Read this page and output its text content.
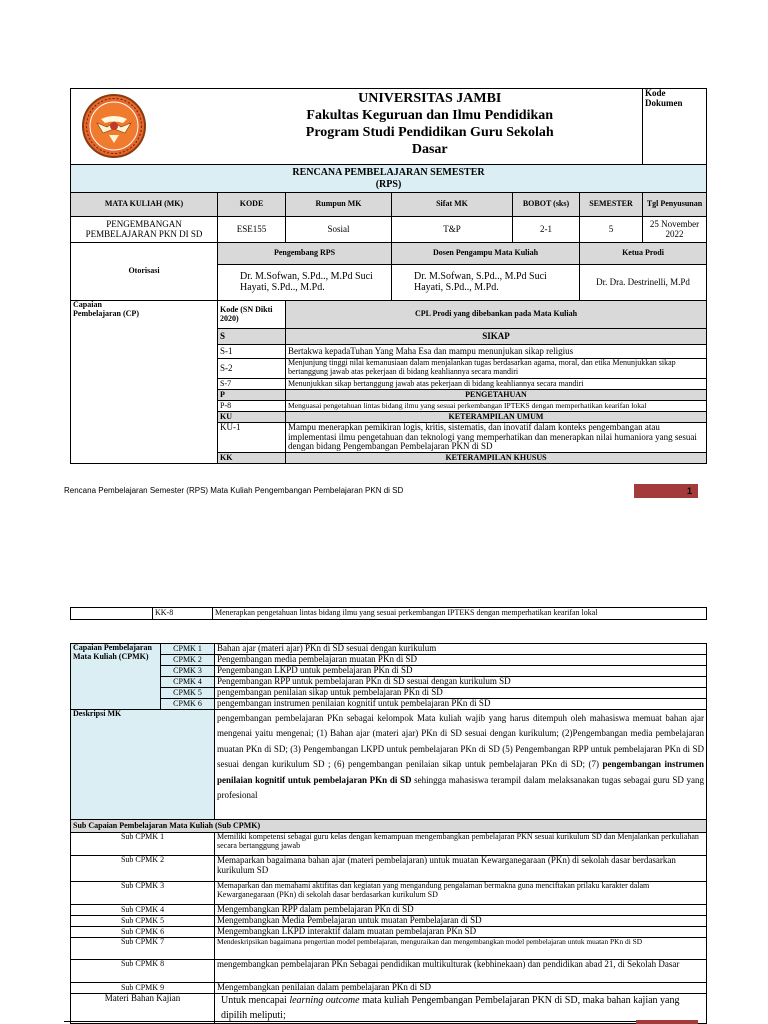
UNIVERSITAS JAMBI
Fakultas Keguruan dan Ilmu Pendidikan
Program Studi Pendidikan Guru Sekolah
Dasar					Kode Dokumen

RENCANA PEMBELAJARAN SEMESTER
(RPS)						

MATA KULIAH (MK)	KODE	Rumpun MK	Sifat MK	BOBOT (sks)	SEMESTER	Tgl Penyusunan
PENGEMBANGAN PEMBELAJARAN PKN DI SD	ESE155	Sosial	T&P	2-1	5	25 November 2022
Otorisasi	Pengembang RPS		Dosen Pengampu Mata Kuliah		Ketua Prodi	
	Dr. M.Sofwan, S.Pd.., M.Pd Suci Hayati, S.Pd.., M.Pd.		Dr. M.Sofwan, S.Pd.., M.Pd Suci Hayati, S.Pd.., M.Pd.		Dr. Dra. Destrinelli, M.Pd	

Capaian Pembelajaran (CP)	Kode (SN Dikti 2020)	CPL Prodi yang dibebankan pada Mata Kuliah				
	S	SIKAP				
	S-1	Bertakwa kepadaTuhan Yang Maha Esa dan mampu menunjukan sikap religius				
	S-2	Menjunjung tinggi nilai kemanusiaan dalam menjalankan tugas berdasarkan agama, moral, dan etika Menunjukkan sikap bertanggung jawab atas pekerjaan di bidang keahliannya secara mandiri				
	S-7	Menunjukkan sikap bertanggung jawab atas pekerjaan di bidang keahliannya secara mandiri				
	P	PENGETAHUAN				
	P-8	Menguasai pengetahuan lintas bidang ilmu yang sesuai perkembangan IPTEKS dengan memperhatikan kearifan lokal				
	KU	KETERAMPILAN UMUM				
	KU-1	Mampu menerapkan pemikiran logis, kritis, sistematis, dan inovatif dalam konteks pengembangan atau implementasi ilmu pengetahuan dan teknologi yang memperhatikan dan menerapkan nilai humaniora yang sesuai dengan bidang Pengembangan Pembelajaran PKN di SD				
	KK	KETERAMPILAN KHUSUS				
Rencana Pembelajaran Semester (RPS) Mata Kuliah Pengembangan Pembelajaran PKN di SD	1
	KK-8	Menerapkan pengetahuan lintas bidang ilmu yang sesuai perkembangan IPTEKS dengan memperhatikan kearifan lokal
Capaian Pembelajaran Mata Kuliah (CPMK)	CPMK 1	Bahan ajar (materi ajar) PKn di SD sesuai dengan kurikulum
	CPMK 2	Pengembangan media pembelajaran muatan PKn di SD
	CPMK 3	Pengembangan LKPD untuk pembelajaran PKn di SD
	CPMK 4	Pengembangan RPP untuk pembelajaran PKn di SD sesuai dengan kurikulum SD
	CPMK 5	pengembangan penilaian sikap untuk pembelajaran PKn di SD
	CPMK 6	pengembangan instrumen penilaian kognitif untuk pembelajaran PKn di SD
Deskripsi MK		pengembangan pembelajaran PKn sebagai kelompok Mata kuliah wajib yang harus ditempuh oleh mahasiswa memuat bahan ajar mengenai yaitu mengenai; (1) Bahan ajar (materi ajar) PKn di SD sesuai dengan kurikulum; (2)Pengembangan media pembelajaran muatan PKn di SD; (3) Pengembangan LKPD untuk pembelajaran PKn di SD (5) Pengembangan RPP untuk pembelajaran PKn di SD sesuai dengan kurikulum SD ; (6) pengembangan penilaian sikap untuk pembelajaran PKn di SD; (7) pengembangan instrumen penilaian kognitif untuk pembelajaran PKn di SD sehingga mahasiswa terampil dalam melaksanakan tugas sebagai guru SD yang profesional
Sub Capaian Pembelajaran Mata Kuliah (Sub CPMK)		
Sub CPMK 1		Memiliki kompetensi sebagai guru kelas dengan kemampuan mengembangkan pembelajaran PKN sesuai kurikulum SD dan Menjalankan perkuliahan secara bertanggung jawab
Sub CPMK 2		Memaparkan bagaimana bahan ajar (materi pembelajaran) untuk muatan Kewarganegaraan (PKn) di sekolah dasar berdasarkan kurikulum SD
Sub CPMK 3		Memaparkan dan memahami aktifitas dan kegiatan yang mengandung pengalaman bermakna guna menciftakan prilaku karakter dalam Kewarganegaraan (PKn) di sekolah dasar berdasarkan kurikulum SD
Sub CPMK 4		Mengembangkan RPP dalam pembelajaran PKn di SD
Sub CPMK 5		Mengembangkan Media Pembelajaran untuk muatan Pembelajaran di SD
Sub CPMK 6		Mengembangkan LKPD interaktif dalam muatan pembelajaran PKn SD
Sub CPMK 7		Mendeskripsikan bagaimana pengertian model pembelajaran, menguraikan dan mengembangkan model pembelajaran untuk muatan PKn di SD
Sub CPMK 8		mengembangkan pembelajaran PKn Sebagai pendidikan multikulturak (kebhinekaan) dan pendidikan abad 21, di Sekolah Dasar
Sub CPMK 9		Mengembangkan penilaian dalam pembelajaran PKn di SD
Materi Bahan Kajian		Untuk mencapai learning outcome mata kuliah Pengembangan Pembelajaran PKN di SD, maka bahan kajian yang dipilih meliputi;
